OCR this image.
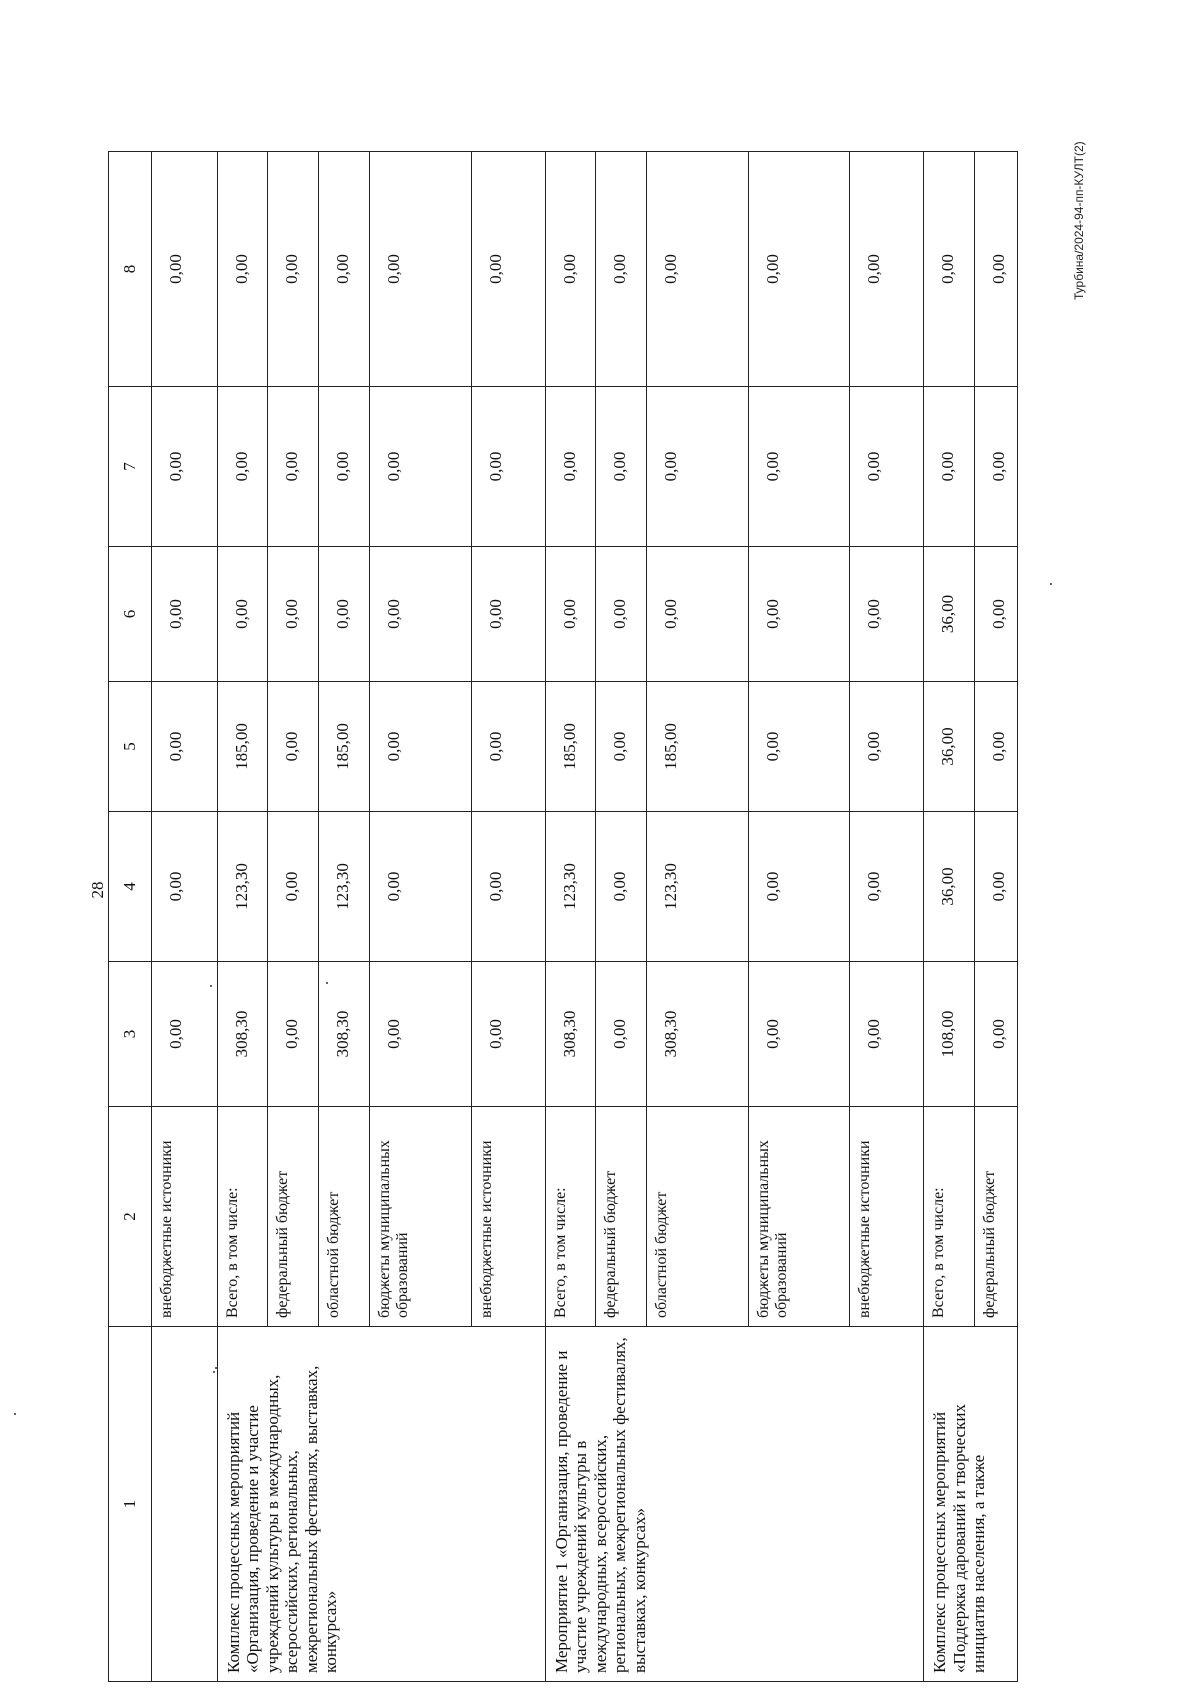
28
Турбина/2024-94-пп-КУЛТ(2)
1	2	3	4	5	6	7	8
	внебюджетные источники	0,00	0,00	0,00	0,00	0,00	0,00
Комплекс процессных мероприятий «Организация, проведение и участие учреждений культуры в международных, всероссийских, региональных, межрегиональных фестивалях, выставках, конкурсах»	Всего, в том числе:	308,30	123,30	185,00	0,00	0,00	0,00
	федеральный бюджет	0,00	0,00	0,00	0,00	0,00	0,00
	областной бюджет	308,30	123,30	185,00	0,00	0,00	0,00
	бюджеты муниципальных образований	0,00	0,00	0,00	0,00	0,00	0,00
	внебюджетные источники	0,00	0,00	0,00	0,00	0,00	0,00
Мероприятие 1 «Организация, проведение и участие учреждений культуры в международных, всероссийских, региональных, межрегиональных фестивалях, выставках, конкурсах»	Всего, в том числе:	308,30	123,30	185,00	0,00	0,00	0,00
	федеральный бюджет	0,00	0,00	0,00	0,00	0,00	0,00
	областной бюджет	308,30	123,30	185,00	0,00	0,00	0,00
	бюджеты муниципальных образований	0,00	0,00	0,00	0,00	0,00	0,00
	внебюджетные источники	0,00	0,00	0,00	0,00	0,00	0,00
Комплекс процессных мероприятий «Поддержка дарований и творческих инициатив населения, а также	Всего, в том числе:	108,00	36,00	36,00	36,00	0,00	0,00
	федеральный бюджет	0,00	0,00	0,00	0,00	0,00	0,00
